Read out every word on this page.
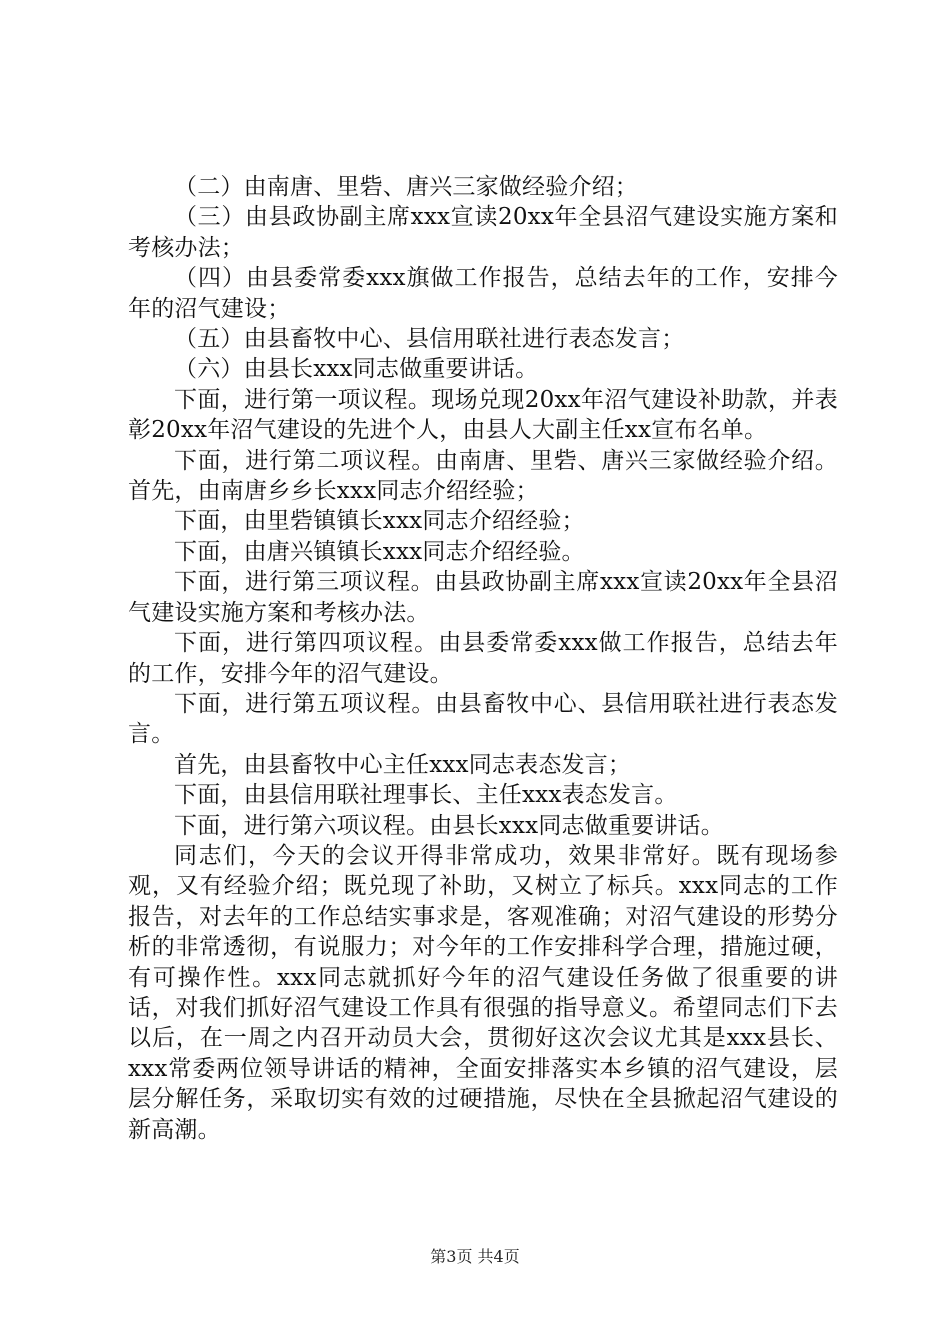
（二）由南唐、里砦、唐兴三家做经验介绍；

（三）由县政协副主席xxx宣读20xx年全县沼气建设实施方案和考核办法；

（四）由县委常委xxx旗做工作报告，总结去年的工作，安排今年的沼气建设；

（五）由县畜牧中心、县信用联社进行表态发言；

（六）由县长xxx同志做重要讲话。

下面，进行第一项议程。现场兑现20xx年沼气建设补助款，并表彰20xx年沼气建设的先进个人，由县人大副主任xx宣布名单。

下面，进行第二项议程。由南唐、里砦、唐兴三家做经验介绍。首先，由南唐乡乡长xxx同志介绍经验；

下面，由里砦镇镇长xxx同志介绍经验；

下面，由唐兴镇镇长xxx同志介绍经验。

下面，进行第三项议程。由县政协副主席xxx宣读20xx年全县沼气建设实施方案和考核办法。

下面，进行第四项议程。由县委常委xxx做工作报告，总结去年的工作，安排今年的沼气建设。

下面，进行第五项议程。由县畜牧中心、县信用联社进行表态发言。

首先，由县畜牧中心主任xxx同志表态发言；

下面，由县信用联社理事长、主任xxx表态发言。

下面，进行第六项议程。由县长xxx同志做重要讲话。

同志们，今天的会议开得非常成功，效果非常好。既有现场参观，又有经验介绍；既兑现了补助，又树立了标兵。xxx同志的工作报告，对去年的工作总结实事求是，客观准确；对沼气建设的形势分析的非常透彻，有说服力；对今年的工作安排科学合理，措施过硬，有可操作性。xxx同志就抓好今年的沼气建设任务做了很重要的讲话，对我们抓好沼气建设工作具有很强的指导意义。希望同志们下去以后，在一周之内召开动员大会，贯彻好这次会议尤其是xxx县长、xxx常委两位领导讲话的精神，全面安排落实本乡镇的沼气建设，层层分解任务，采取切实有效的过硬措施，尽快在全县掀起沼气建设的新高潮。

第3页 共4页
